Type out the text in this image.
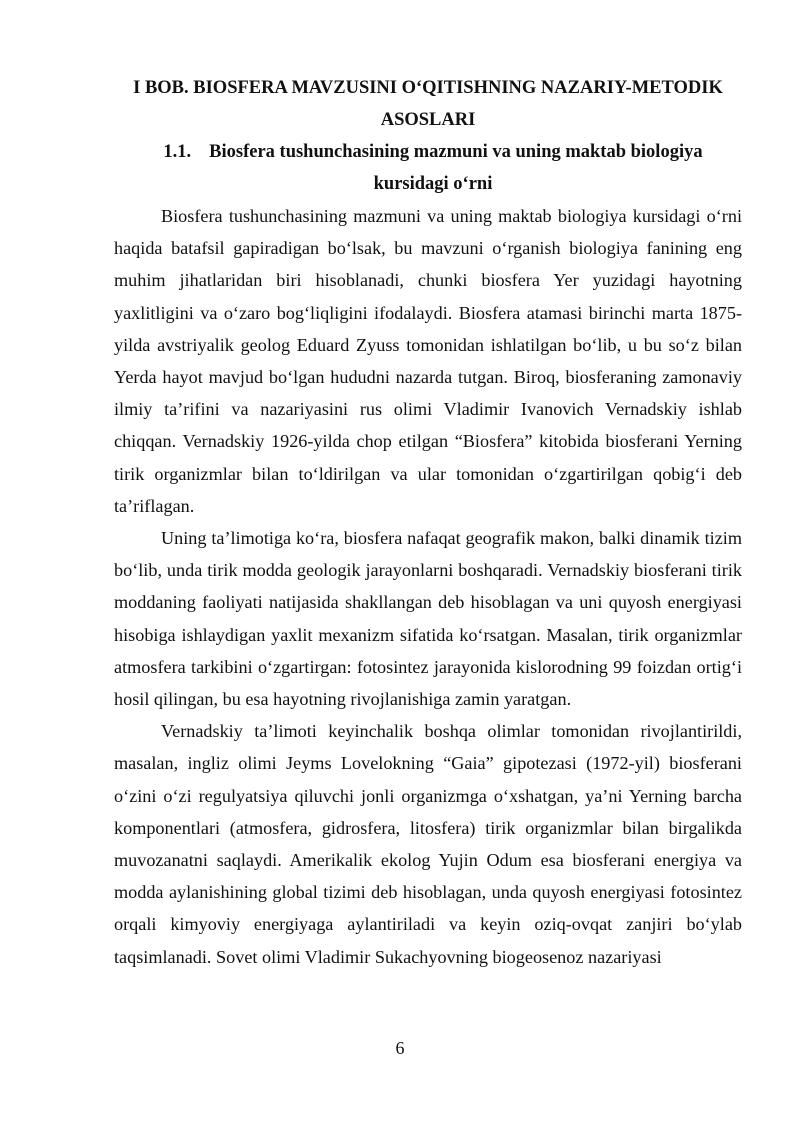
I BOB. BIOSFERA MAVZUSINI O‘QITISHNING NAZARIY-METODIK ASOSLARI
1.1. Biosfera tushunchasining mazmuni va uning maktab biologiya kursidagi o‘rni

Biosfera tushunchasining mazmuni va uning maktab biologiya kursidagi o‘rni haqida batafsil gapiradigan bo‘lsak, bu mavzuni o‘rganish biologiya fanining eng muhim jihatlaridan biri hisoblanadi, chunki biosfera Yer yuzidagi hayotning yaxlitligini va o‘zaro bog‘liqligini ifodalaydi. Biosfera atamasi birinchi marta 1875-yilda avstriyalik geolog Eduard Zyuss tomonidan ishlatilgan bo‘lib, u bu so‘z bilan Yerda hayot mavjud bo‘lgan hududni nazarda tutgan. Biroq, biosferaning zamonaviy ilmiy ta’rifini va nazariyasini rus olimi Vladimir Ivanovich Vernadskiy ishlab chiqqan. Vernadskiy 1926-yilda chop etilgan “Biosfera” kitobida biosferani Yerning tirik organizmlar bilan to‘ldirilgan va ular tomonidan o‘zgartirilgan qobig‘i deb ta’riflagan.

Uning ta’limotiga ko‘ra, biosfera nafaqat geografik makon, balki dinamik tizim bo‘lib, unda tirik modda geologik jarayonlarni boshqaradi. Vernadskiy biosferani tirik moddaning faoliyati natijasida shakllangan deb hisoblagan va uni quyosh energiyasi hisobiga ishlaydigan yaxlit mexanizm sifatida ko‘rsatgan. Masalan, tirik organizmlar atmosfera tarkibini o‘zgartirgan: fotosintez jarayonida kislorodning 99 foizdan ortig‘i hosil qilingan, bu esa hayotning rivojlanishiga zamin yaratgan.

Vernadskiy ta’limoti keyinchalik boshqa olimlar tomonidan rivojlantirildi, masalan, ingliz olimi Jeyms Lovelokning “Gaia” gipotezasi (1972-yil) biosferani o‘zini o‘zi regulyatsiya qiluvchi jonli organizmga o‘xshatgan, ya’ni Yerning barcha komponentlari (atmosfera, gidrosfera, litosfera) tirik organizmlar bilan birgalikda muvozanatni saqlaydi. Amerikalik ekolog Yujin Odum esa biosferani energiya va modda aylanishining global tizimi deb hisoblagan, unda quyosh energiyasi fotosintez orqali kimyoviy energiyaga aylantiriladi va keyin oziq-ovqat zanjiri bo‘ylab taqsimlanadi. Sovet olimi Vladimir Sukachyovning biogeosenoz nazariyasi

6
